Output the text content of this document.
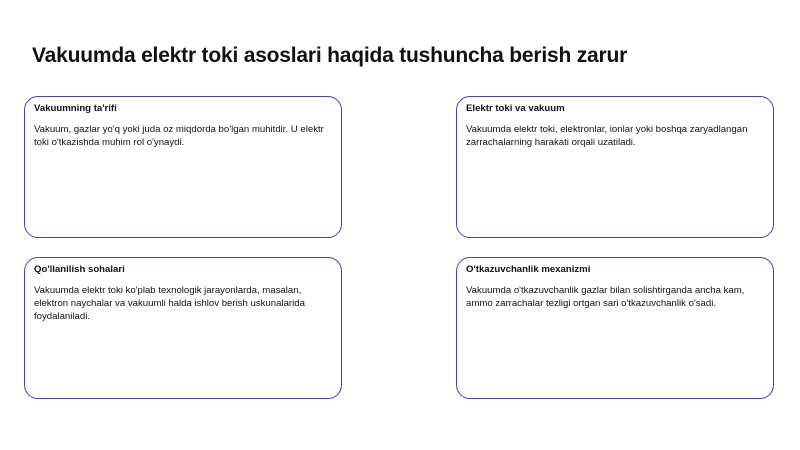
Vakuumda elektr toki asoslari haqida tushuncha berish zarur
Vakuumning ta'rifi

Vakuum, gazlar yo'q yoki juda oz miqdorda bo'lgan muhitdir. U elektr toki o'tkazishda muhim rol o'ynaydi.

Elektr toki va vakuum

Vakuumda elektr toki, elektronlar, ionlar yoki boshqa zaryadlangan zarrachalarning harakati orqali uzatiladi.

Qo'llanilish sohalari

Vakuumda elektr toki ko'plab texnologik jarayonlarda, masalan, elektron naychalar va vakuumli halda ishlov berish uskunalarida foydalaniladi.

O'tkazuvchanlik mexanizmi

Vakuumda o'tkazuvchanlik gazlar bilan solishtirganda ancha kam, ammo zarrachalar tezligi ortgan sari o'tkazuvchanlik o'sadi.
